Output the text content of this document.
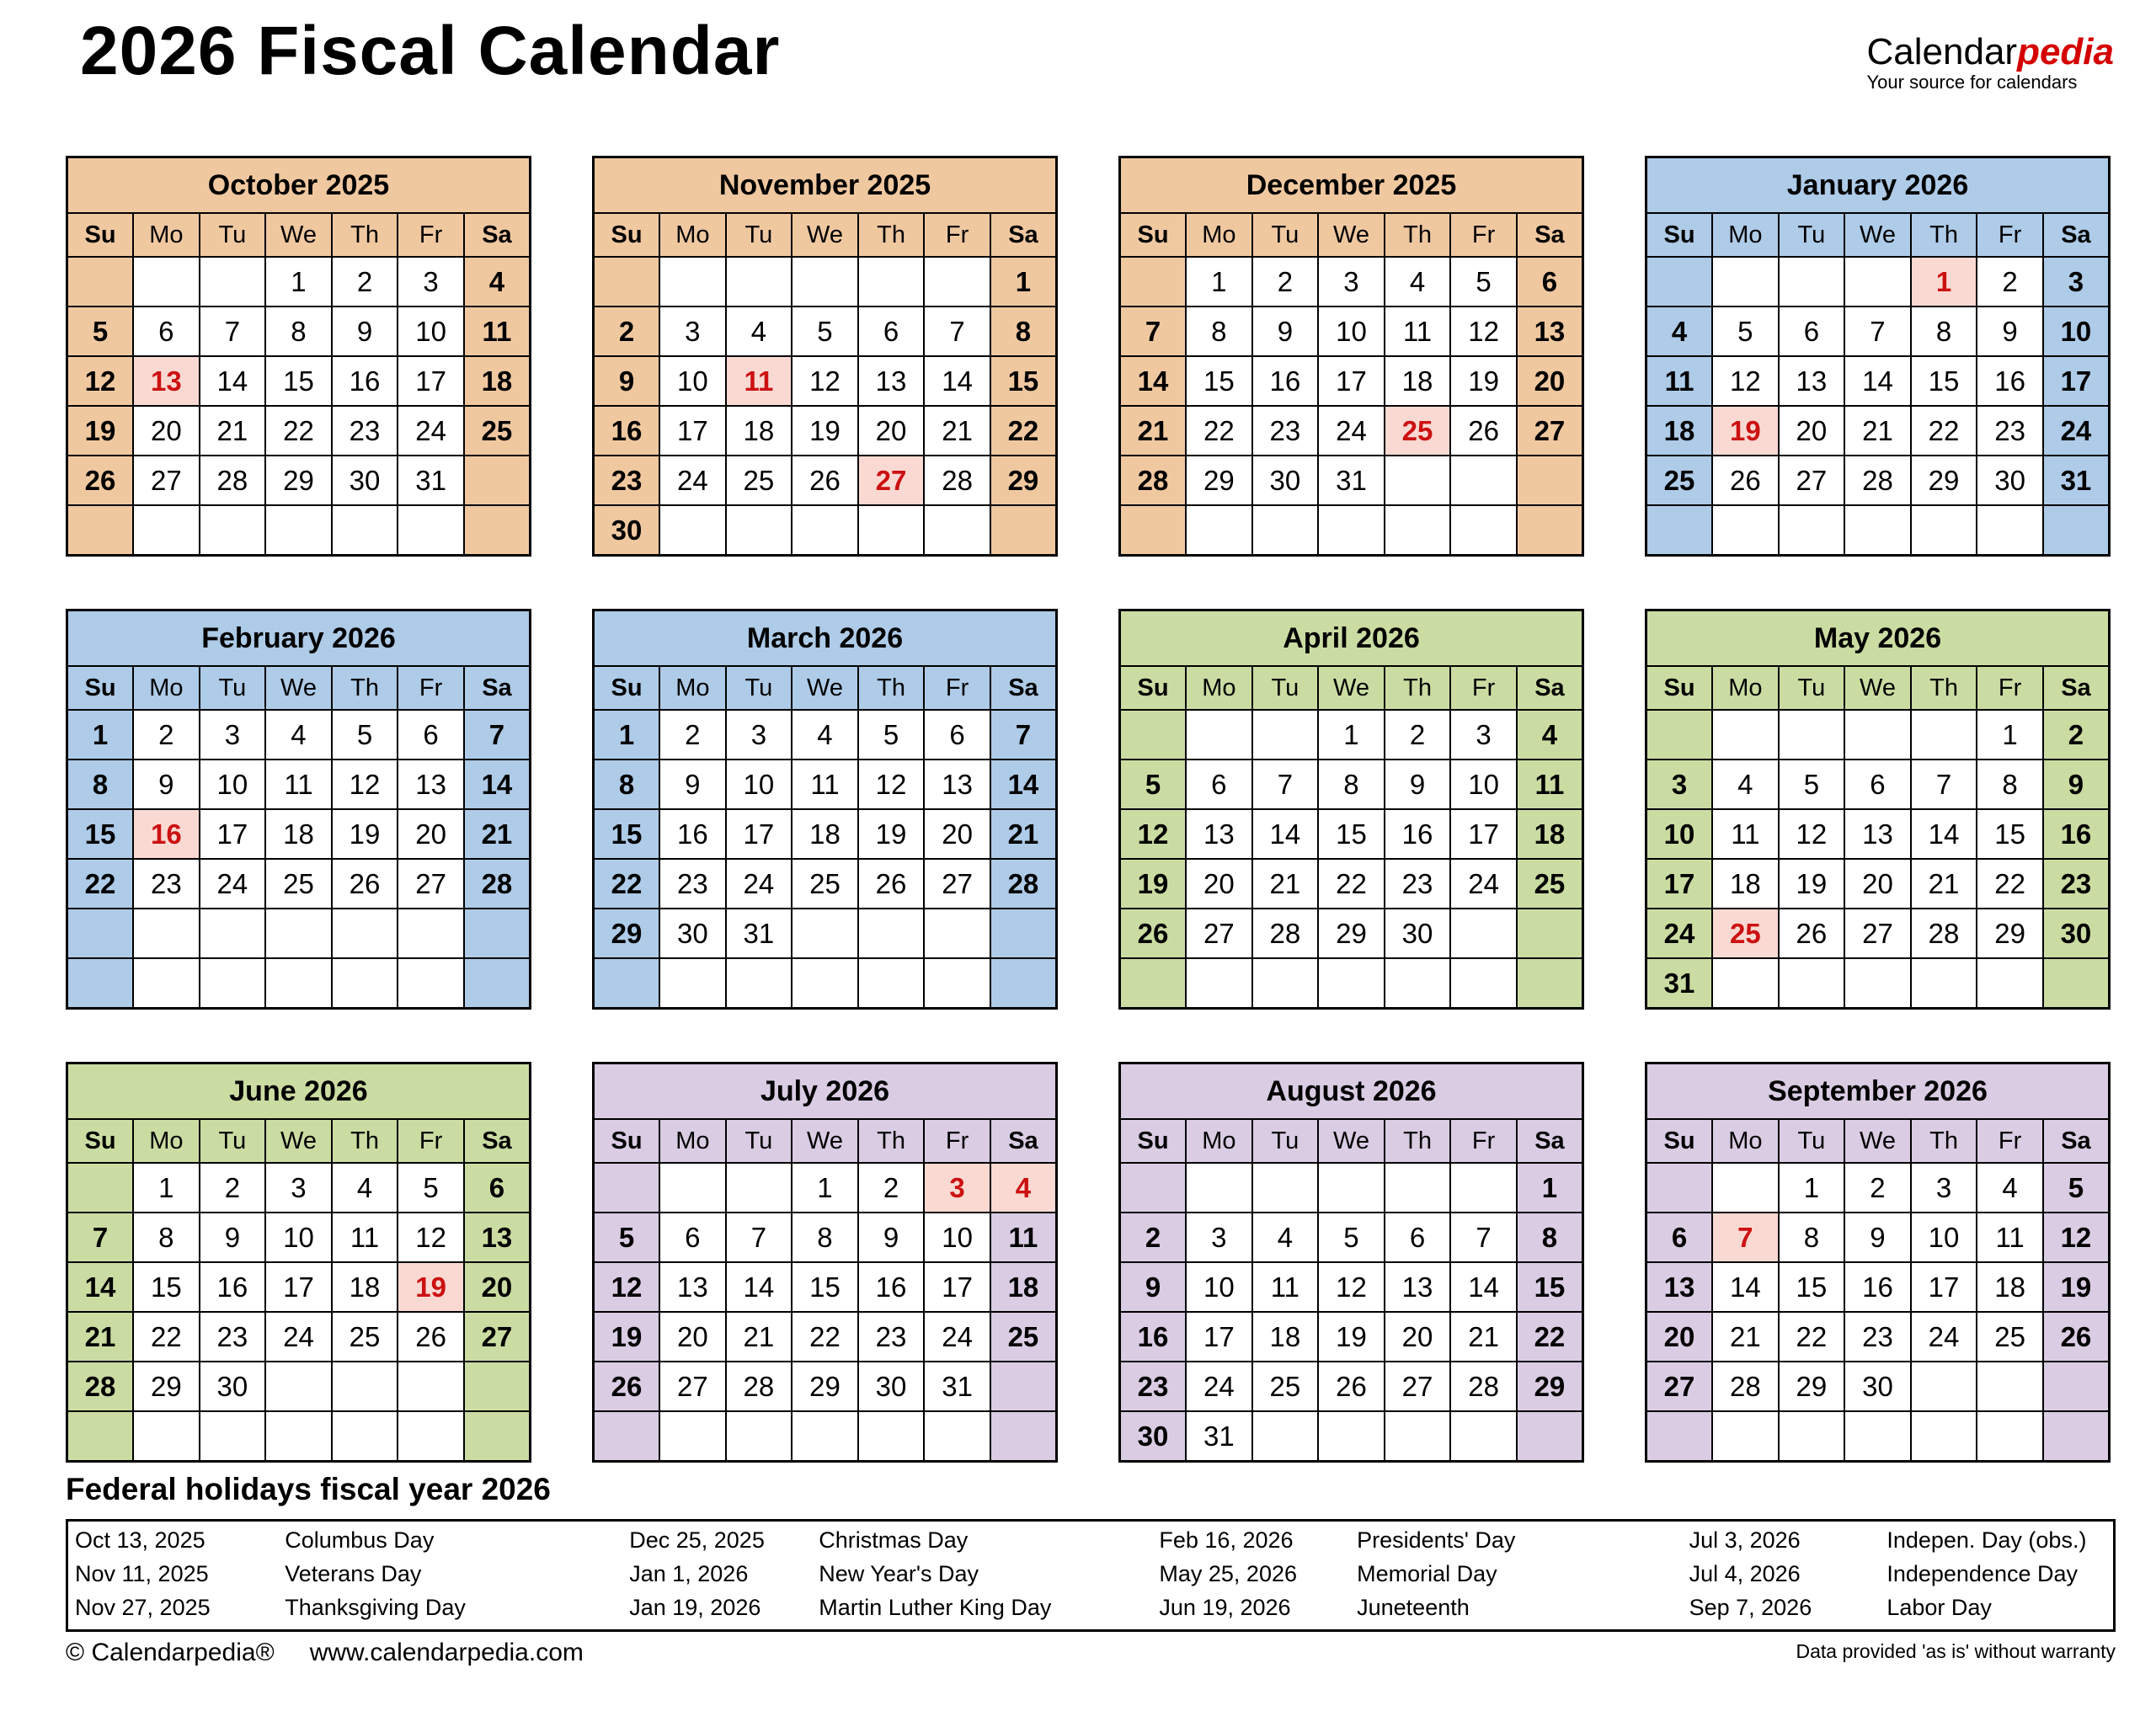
2026 Fiscal Calendar	Calendarpedia
Your source for calendars
October 2025						
Su	Mo	Tu	We	Th	Fr	Sa
			1	2	3	4
5	6	7	8	9	10	11
12	13	14	15	16	17	18
19	20	21	22	23	24	25
26	27	28	29	30	31	

November 2025						
Su	Mo	Tu	We	Th	Fr	Sa
						1
2	3	4	5	6	7	8
9	10	11	12	13	14	15
16	17	18	19	20	21	22
23	24	25	26	27	28	29
30						
December 2025						
Su	Mo	Tu	We	Th	Fr	Sa
	1	2	3	4	5	6
7	8	9	10	11	12	13
14	15	16	17	18	19	20
21	22	23	24	25	26	27
28	29	30	31			

January 2026						
Su	Mo	Tu	We	Th	Fr	Sa
				1	2	3
4	5	6	7	8	9	10
11	12	13	14	15	16	17
18	19	20	21	22	23	24
25	26	27	28	29	30	31

February 2026						
Su	Mo	Tu	We	Th	Fr	Sa
1	2	3	4	5	6	7
8	9	10	11	12	13	14
15	16	17	18	19	20	21
22	23	24	25	26	27	28

March 2026						
Su	Mo	Tu	We	Th	Fr	Sa
1	2	3	4	5	6	7
8	9	10	11	12	13	14
15	16	17	18	19	20	21
22	23	24	25	26	27	28
29	30	31				

April 2026						
Su	Mo	Tu	We	Th	Fr	Sa
			1	2	3	4
5	6	7	8	9	10	11
12	13	14	15	16	17	18
19	20	21	22	23	24	25
26	27	28	29	30		

May 2026						
Su	Mo	Tu	We	Th	Fr	Sa
					1	2
3	4	5	6	7	8	9
10	11	12	13	14	15	16
17	18	19	20	21	22	23
24	25	26	27	28	29	30
31						
June 2026						
Su	Mo	Tu	We	Th	Fr	Sa
	1	2	3	4	5	6
7	8	9	10	11	12	13
14	15	16	17	18	19	20
21	22	23	24	25	26	27
28	29	30				

July 2026						
Su	Mo	Tu	We	Th	Fr	Sa
			1	2	3	4
5	6	7	8	9	10	11
12	13	14	15	16	17	18
19	20	21	22	23	24	25
26	27	28	29	30	31	

August 2026						
Su	Mo	Tu	We	Th	Fr	Sa
						1
2	3	4	5	6	7	8
9	10	11	12	13	14	15
16	17	18	19	20	21	22
23	24	25	26	27	28	29
30	31					
September 2026						
Su	Mo	Tu	We	Th	Fr	Sa
		1	2	3	4	5
6	7	8	9	10	11	12
13	14	15	16	17	18	19
20	21	22	23	24	25	26
27	28	29	30			

Federal holidays fiscal year 2026
Oct 13, 2025	Columbus Day	Dec 25, 2025	Christmas Day	Feb 16, 2026	Presidents' Day	Jul 3, 2026	Indepen. Day (obs.)
Nov 11, 2025	Veterans Day	Jan 1, 2026	New Year's Day	May 25, 2026	Memorial Day	Jul 4, 2026	Independence Day
Nov 27, 2025	Thanksgiving Day	Jan 19, 2026	Martin Luther King Day	Jun 19, 2026	Juneteenth	Sep 7, 2026	Labor Day
© Calendarpedia® www.calendarpedia.com	Data provided 'as is' without warranty
